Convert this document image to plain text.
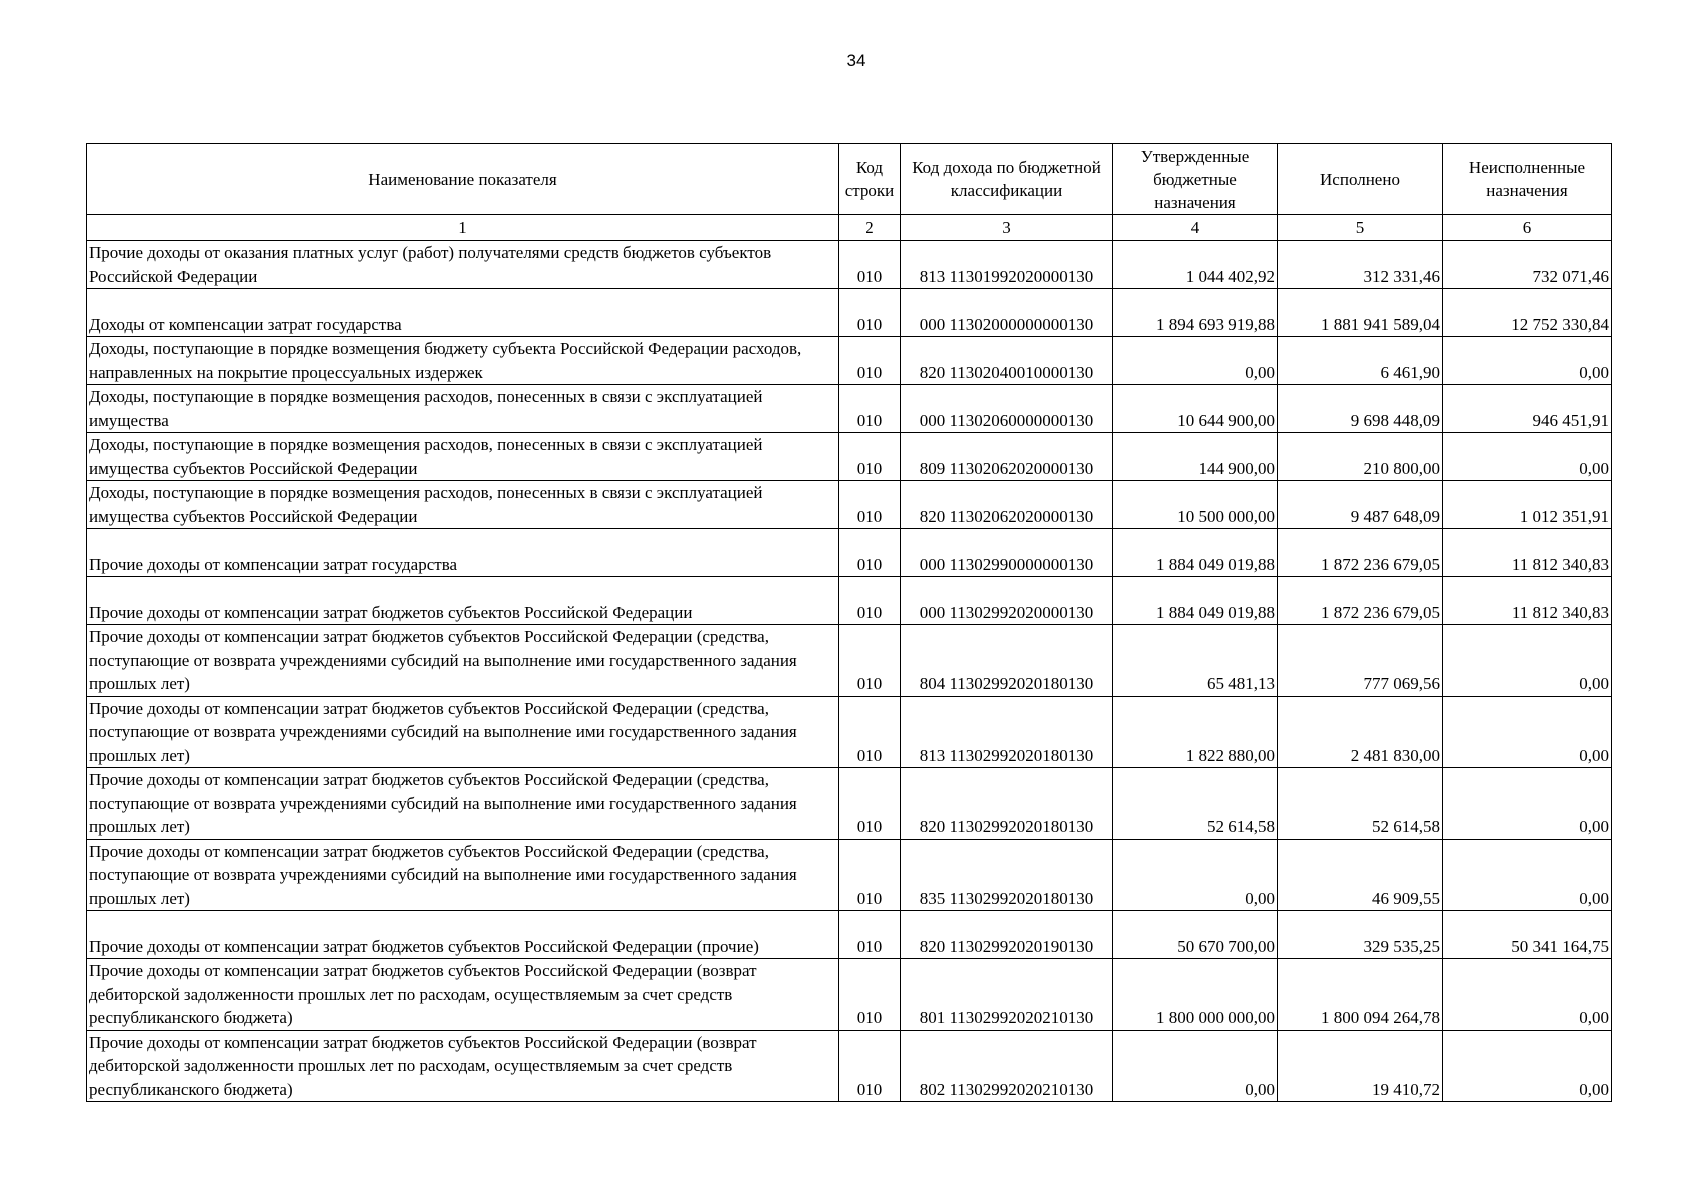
34
Наименование показателя	Код строки	Код дохода по бюджетной классификации	Утвержденные бюджетные назначения	Исполнено	Неисполненные назначения
1	2	3	4	5	6
Прочие доходы от оказания платных услуг (работ) получателями средств бюджетов субъектов Российской Федерации	010	813 11301992020000130	1 044 402,92	312 331,46	732 071,46
Доходы от компенсации затрат государства	010	000 11302000000000130	1 894 693 919,88	1 881 941 589,04	12 752 330,84
Доходы, поступающие в порядке возмещения бюджету субъекта Российской Федерации расходов, направленных на покрытие процессуальных издержек	010	820 11302040010000130	0,00	6 461,90	0,00
Доходы, поступающие в порядке возмещения расходов, понесенных в связи с эксплуатацией имущества	010	000 11302060000000130	10 644 900,00	9 698 448,09	946 451,91
Доходы, поступающие в порядке возмещения расходов, понесенных в связи с эксплуатацией имущества субъектов Российской Федерации	010	809 11302062020000130	144 900,00	210 800,00	0,00
Доходы, поступающие в порядке возмещения расходов, понесенных в связи с эксплуатацией имущества субъектов Российской Федерации	010	820 11302062020000130	10 500 000,00	9 487 648,09	1 012 351,91
Прочие доходы от компенсации затрат государства	010	000 11302990000000130	1 884 049 019,88	1 872 236 679,05	11 812 340,83
Прочие доходы от компенсации затрат бюджетов субъектов Российской Федерации	010	000 11302992020000130	1 884 049 019,88	1 872 236 679,05	11 812 340,83
Прочие доходы от компенсации затрат бюджетов субъектов Российской Федерации (средства, поступающие от возврата учреждениями субсидий на выполнение ими государственного задания прошлых лет)	010	804 11302992020180130	65 481,13	777 069,56	0,00
Прочие доходы от компенсации затрат бюджетов субъектов Российской Федерации (средства, поступающие от возврата учреждениями субсидий на выполнение ими государственного задания прошлых лет)	010	813 11302992020180130	1 822 880,00	2 481 830,00	0,00
Прочие доходы от компенсации затрат бюджетов субъектов Российской Федерации (средства, поступающие от возврата учреждениями субсидий на выполнение ими государственного задания прошлых лет)	010	820 11302992020180130	52 614,58	52 614,58	0,00
Прочие доходы от компенсации затрат бюджетов субъектов Российской Федерации (средства, поступающие от возврата учреждениями субсидий на выполнение ими государственного задания прошлых лет)	010	835 11302992020180130	0,00	46 909,55	0,00
Прочие доходы от компенсации затрат бюджетов субъектов Российской Федерации (прочие)	010	820 11302992020190130	50 670 700,00	329 535,25	50 341 164,75
Прочие доходы от компенсации затрат бюджетов субъектов Российской Федерации (возврат дебиторской задолженности прошлых лет по расходам, осуществляемым за счет средств республиканского бюджета)	010	801 11302992020210130	1 800 000 000,00	1 800 094 264,78	0,00
Прочие доходы от компенсации затрат бюджетов субъектов Российской Федерации (возврат дебиторской задолженности прошлых лет по расходам, осуществляемым за счет средств республиканского бюджета)	010	802 11302992020210130	0,00	19 410,72	0,00
